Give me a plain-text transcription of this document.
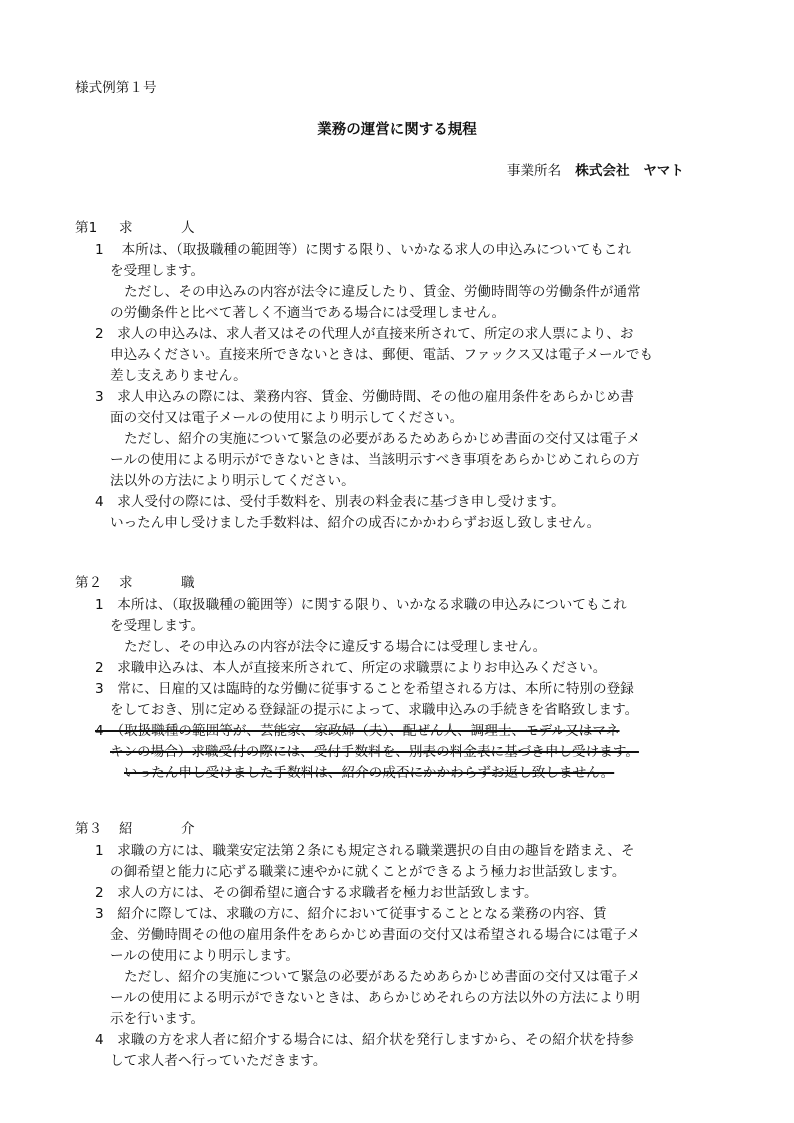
様式例第１号
業務の運営に関する規程
事業所名 株式会社　ヤマト
第1 求	人
1　 本所は、（取扱職種の範囲等）に関する限り、いかなる求人の申込みについてもこれ
を受理します。
ただし、その申込みの内容が法令に違反したり、賃金、労働時間等の労働条件が通常
の労働条件と比べて著しく不適当である場合には受理しません。
2　求人の申込みは、求人者又はその代理人が直接来所されて、所定の求人票により、お
申込みください。直接来所できないときは、郵便、電話、ファックス又は電子メールでも
差し支えありません。
3　求人申込みの際には、業務内容、賃金、労働時間、その他の雇用条件をあらかじめ書
面の交付又は電子メールの使用により明示してください。
ただし、紹介の実施について緊急の必要があるためあらかじめ書面の交付又は電子メ
ールの使用による明示ができないときは、当該明示すべき事項をあらかじめこれらの方
法以外の方法により明示してください。
4　求人受付の際には、受付手数料を、別表の料金表に基づき申し受けます。
いったん申し受けました手数料は、紹介の成否にかかわらずお返し致しません。
第２ 求	職
1　本所は、（取扱職種の範囲等）に関する限り、いかなる求職の申込みについてもこれ
を受理します。
ただし、その申込みの内容が法令に違反する場合には受理しません。
2　求職申込みは、本人が直接来所されて、所定の求職票によりお申込みください。
3　常に、日雇的又は臨時的な労働に従事することを希望される方は、本所に特別の登録
をしておき、別に定める登録証の提示によって、求職申込みの手続きを省略致します。
4　（取扱職種の範囲等が、芸能家、家政婦（夫）、配ぜん人、調理士、モデル又はマネ
キンの場合）求職受付の際には、受付手数料を、別表の料金表に基づき申し受けます。
いったん申し受けました手数料は、紹介の成否にかかわらずお返し致しません。
第３ 紹	介
1　求職の方には、職業安定法第２条にも規定される職業選択の自由の趣旨を踏まえ、そ
の御希望と能力に応ずる職業に速やかに就くことができるよう極力お世話致します。
2　求人の方には、その御希望に適合する求職者を極力お世話致します。
3　紹介に際しては、求職の方に、紹介において従事することとなる業務の内容、賃
金、労働時間その他の雇用条件をあらかじめ書面の交付又は希望される場合には電子メ
ールの使用により明示します。
ただし、紹介の実施について緊急の必要があるためあらかじめ書面の交付又は電子メ
ールの使用による明示ができないときは、あらかじめそれらの方法以外の方法により明
示を行います。
4　求職の方を求人者に紹介する場合には、紹介状を発行しますから、その紹介状を持参
して求人者へ行っていただきます。
